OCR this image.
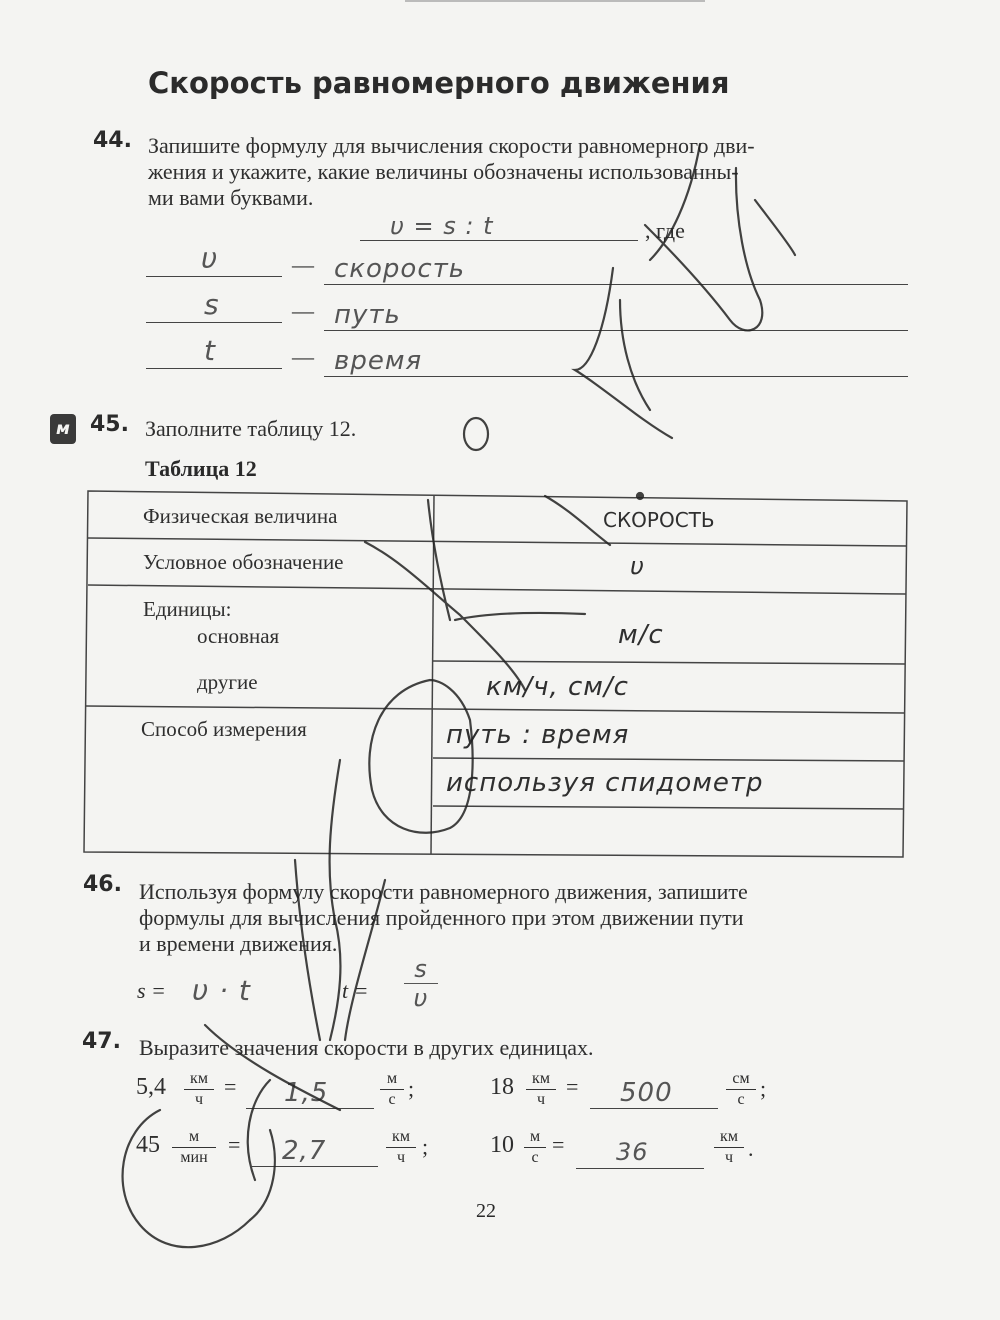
Скорость равномерного движения
44. Запишите формулу для вычисления скорости равномерного дви-
жения и укажите, какие величины обозначены использованны-
ми вами буквами.
υ = s : t	, где
υ	— скорость
s	— путь
t	— время
м 45. Заполните таблицу 12.
Таблица 12
Физическая величина	СКОРОСТЬ
Условное обозначение	υ
Единицы:
основная	м/с
другие	км/ч, см/с
Способ измерения	путь : время
используя спидометр
46. Используя формулу скорости равномерного движения, запишите
формулы для вычисления пройденного при этом движении пути
и времени движения.
s = υ · t	t =
s
υ
47. Выразите значения скорости в других единицах.
5,4	км
ч
= 1,5	м
с ;	18	км
ч
= 500	см
с ;
45	м
мин
= 2,7	км
ч ;	10 м
с
= 36
км
ч .
22
